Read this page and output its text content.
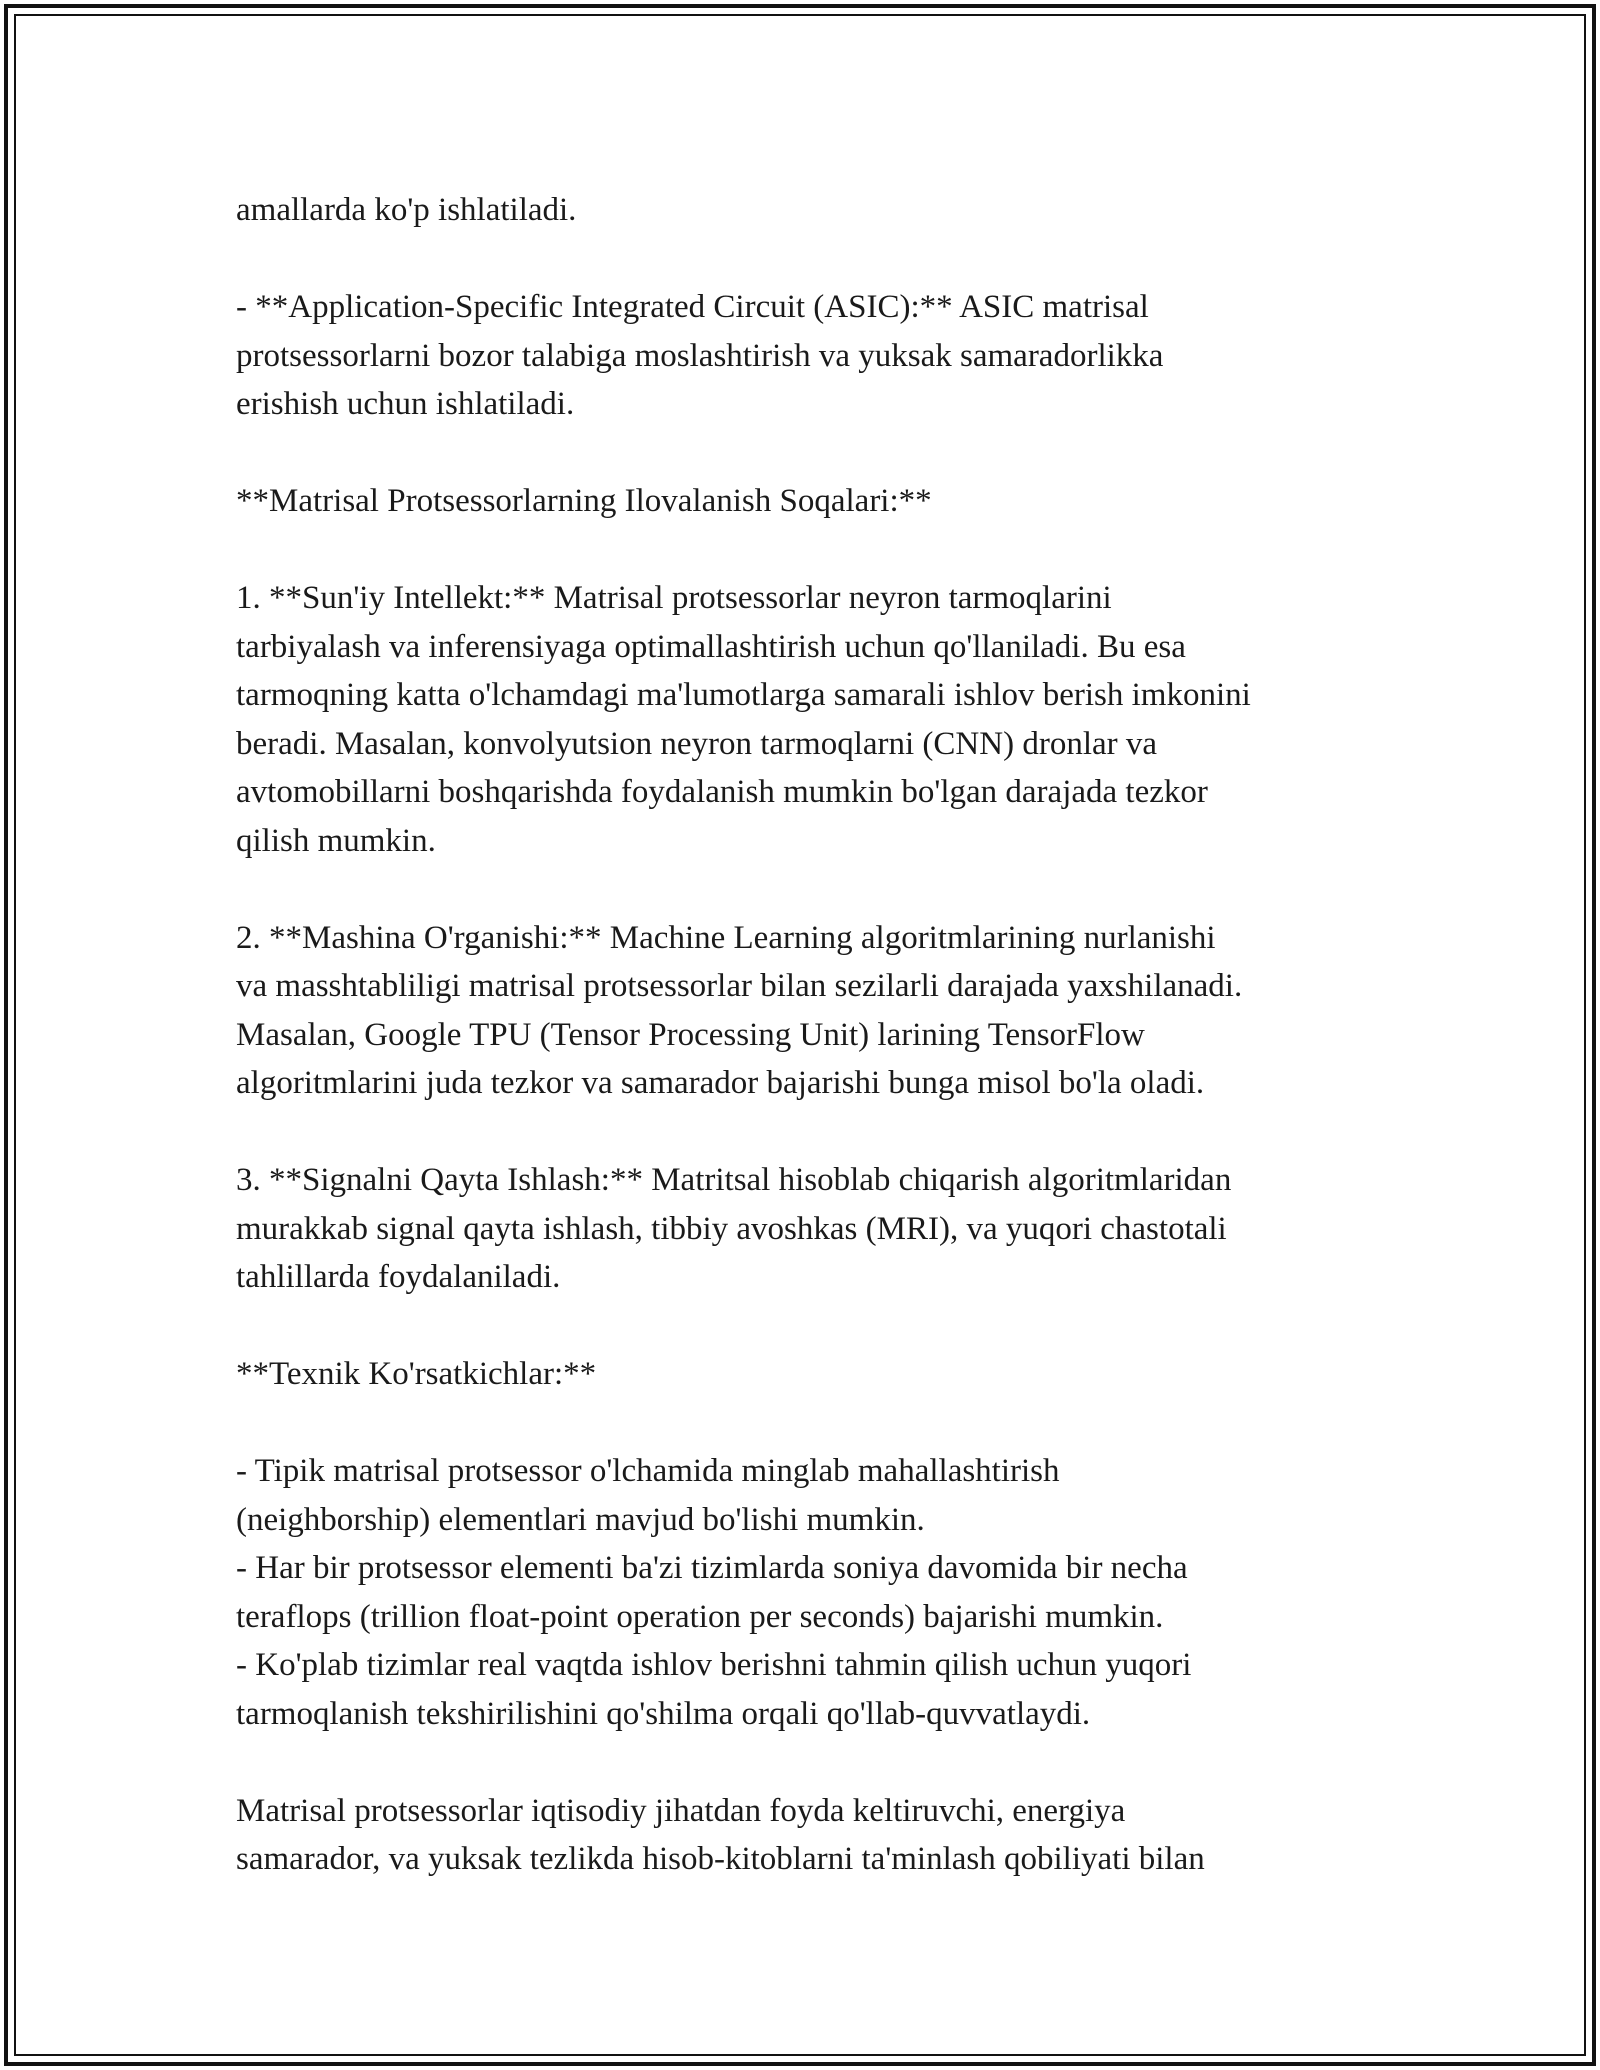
amallarda ko'p ishlatiladi.

- **Application-Specific Integrated Circuit (ASIC):** ASIC matrisal
protsessorlarni bozor talabiga moslashtirish va yuksak samaradorlikka
erishish uchun ishlatiladi.

**Matrisal Protsessorlarning Ilovalanish Soqalari:**

1. **Sun'iy Intellekt:** Matrisal protsessorlar neyron tarmoqlarini
tarbiyalash va inferensiyaga optimallashtirish uchun qo'llaniladi. Bu esa
tarmoqning katta o'lchamdagi ma'lumotlarga samarali ishlov berish imkonini
beradi. Masalan, konvolyutsion neyron tarmoqlarni (CNN) dronlar va
avtomobillarni boshqarishda foydalanish mumkin bo'lgan darajada tezkor
qilish mumkin.

2. **Mashina O'rganishi:** Machine Learning algoritmlarining nurlanishi
va masshtabliligi matrisal protsessorlar bilan sezilarli darajada yaxshilanadi.
Masalan, Google TPU (Tensor Processing Unit) larining TensorFlow
algoritmlarini juda tezkor va samarador bajarishi bunga misol bo'la oladi.

3. **Signalni Qayta Ishlash:** Matritsal hisoblab chiqarish algoritmlaridan
murakkab signal qayta ishlash, tibbiy avoshkas (MRI), va yuqori chastotali
tahlillarda foydalaniladi.

**Texnik Ko'rsatkichlar:**

- Tipik matrisal protsessor o'lchamida minglab mahallashtirish
(neighborship) elementlari mavjud bo'lishi mumkin.
- Har bir protsessor elementi ba'zi tizimlarda soniya davomida bir necha
teraflops (trillion float-point operation per seconds) bajarishi mumkin.
- Ko'plab tizimlar real vaqtda ishlov berishni tahmin qilish uchun yuqori
tarmoqlanish tekshirilishini qo'shilma orqali qo'llab-quvvatlaydi.

Matrisal protsessorlar iqtisodiy jihatdan foyda keltiruvchi, energiya
samarador, va yuksak tezlikda hisob-kitoblarni ta'minlash qobiliyati bilan
